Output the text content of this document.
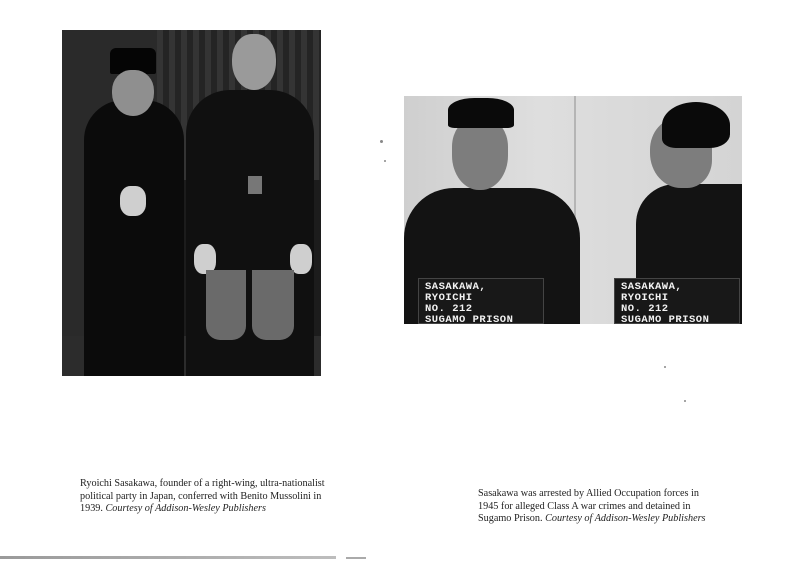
SASAKAWA,
RYOICHI
NO. 212
SUGAMO PRISON
SASAKAWA,
RYOICHI
NO. 212
SUGAMO PRISON
Ryoichi Sasakawa, founder of a right-wing, ultra-nationalist political party in Japan, conferred with Benito Mussolini in 1939. Courtesy of Addison-Wesley Publishers
Sasakawa was arrested by Allied Occupation forces in 1945 for alleged Class A war crimes and detained in Sugamo Prison. Courtesy of Addison-Wesley Publishers
